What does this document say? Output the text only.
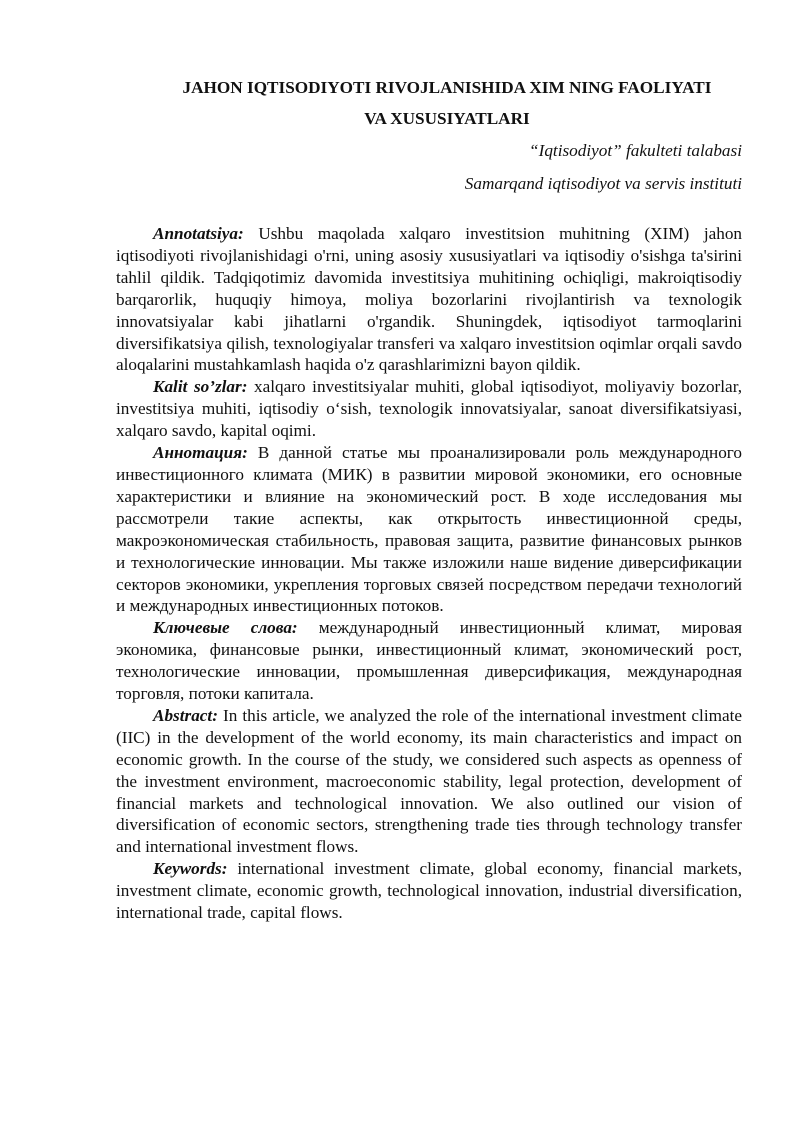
JAHON IQTISODIYOTI RIVOJLANISHIDA XIM NING FAOLIYATI
VA XUSUSIYATLARI
“Iqtisodiyot” fakulteti talabasi
Samarqand iqtisodiyot va servis instituti

Annotatsiya: Ushbu maqolada xalqaro investitsion muhitning (XIM) jahon iqtisodiyoti rivojlanishidagi o'rni, uning asosiy xususiyatlari va iqtisodiy o'sishga ta'sirini tahlil qildik. Tadqiqotimiz davomida investitsiya muhitining ochiqligi, makroiqtisodiy barqarorlik, huquqiy himoya, moliya bozorlarini rivojlantirish va texnologik innovatsiyalar kabi jihatlarni o'rgandik. Shuningdek, iqtisodiyot tarmoqlarini diversifikatsiya qilish, texnologiyalar transferi va xalqaro investitsion oqimlar orqali savdo aloqalarini mustahkamlash haqida o'z qarashlarimizni bayon qildik.

Kalit so’zlar: xalqaro investitsiyalar muhiti, global iqtisodiyot, moliyaviy bozorlar, investitsiya muhiti, iqtisodiy o‘sish, texnologik innovatsiyalar, sanoat diversifikatsiyasi, xalqaro savdo, kapital oqimi.

Аннотация: В данной статье мы проанализировали роль международного инвестиционного климата (МИК) в развитии мировой экономики, его основные характеристики и влияние на экономический рост. В ходе исследования мы рассмотрели такие аспекты, как открытость инвестиционной среды, макроэкономическая стабильность, правовая защита, развитие финансовых рынков и технологические инновации. Мы также изложили наше видение диверсификации секторов экономики, укрепления торговых связей посредством передачи технологий и международных инвестиционных потоков.

Ключевые слова: международный инвестиционный климат, мировая экономика, финансовые рынки, инвестиционный климат, экономический рост, технологические инновации, промышленная диверсификация, международная торговля, потоки капитала.

Abstract: In this article, we analyzed the role of the international investment climate (IIC) in the development of the world economy, its main characteristics and impact on economic growth. In the course of the study, we considered such aspects as openness of the investment environment, macroeconomic stability, legal protection, development of financial markets and technological innovation. We also outlined our vision of diversification of economic sectors, strengthening trade ties through technology transfer and international investment flows.

Keywords: international investment climate, global economy, financial markets, investment climate, economic growth, technological innovation, industrial diversification, international trade, capital flows.
